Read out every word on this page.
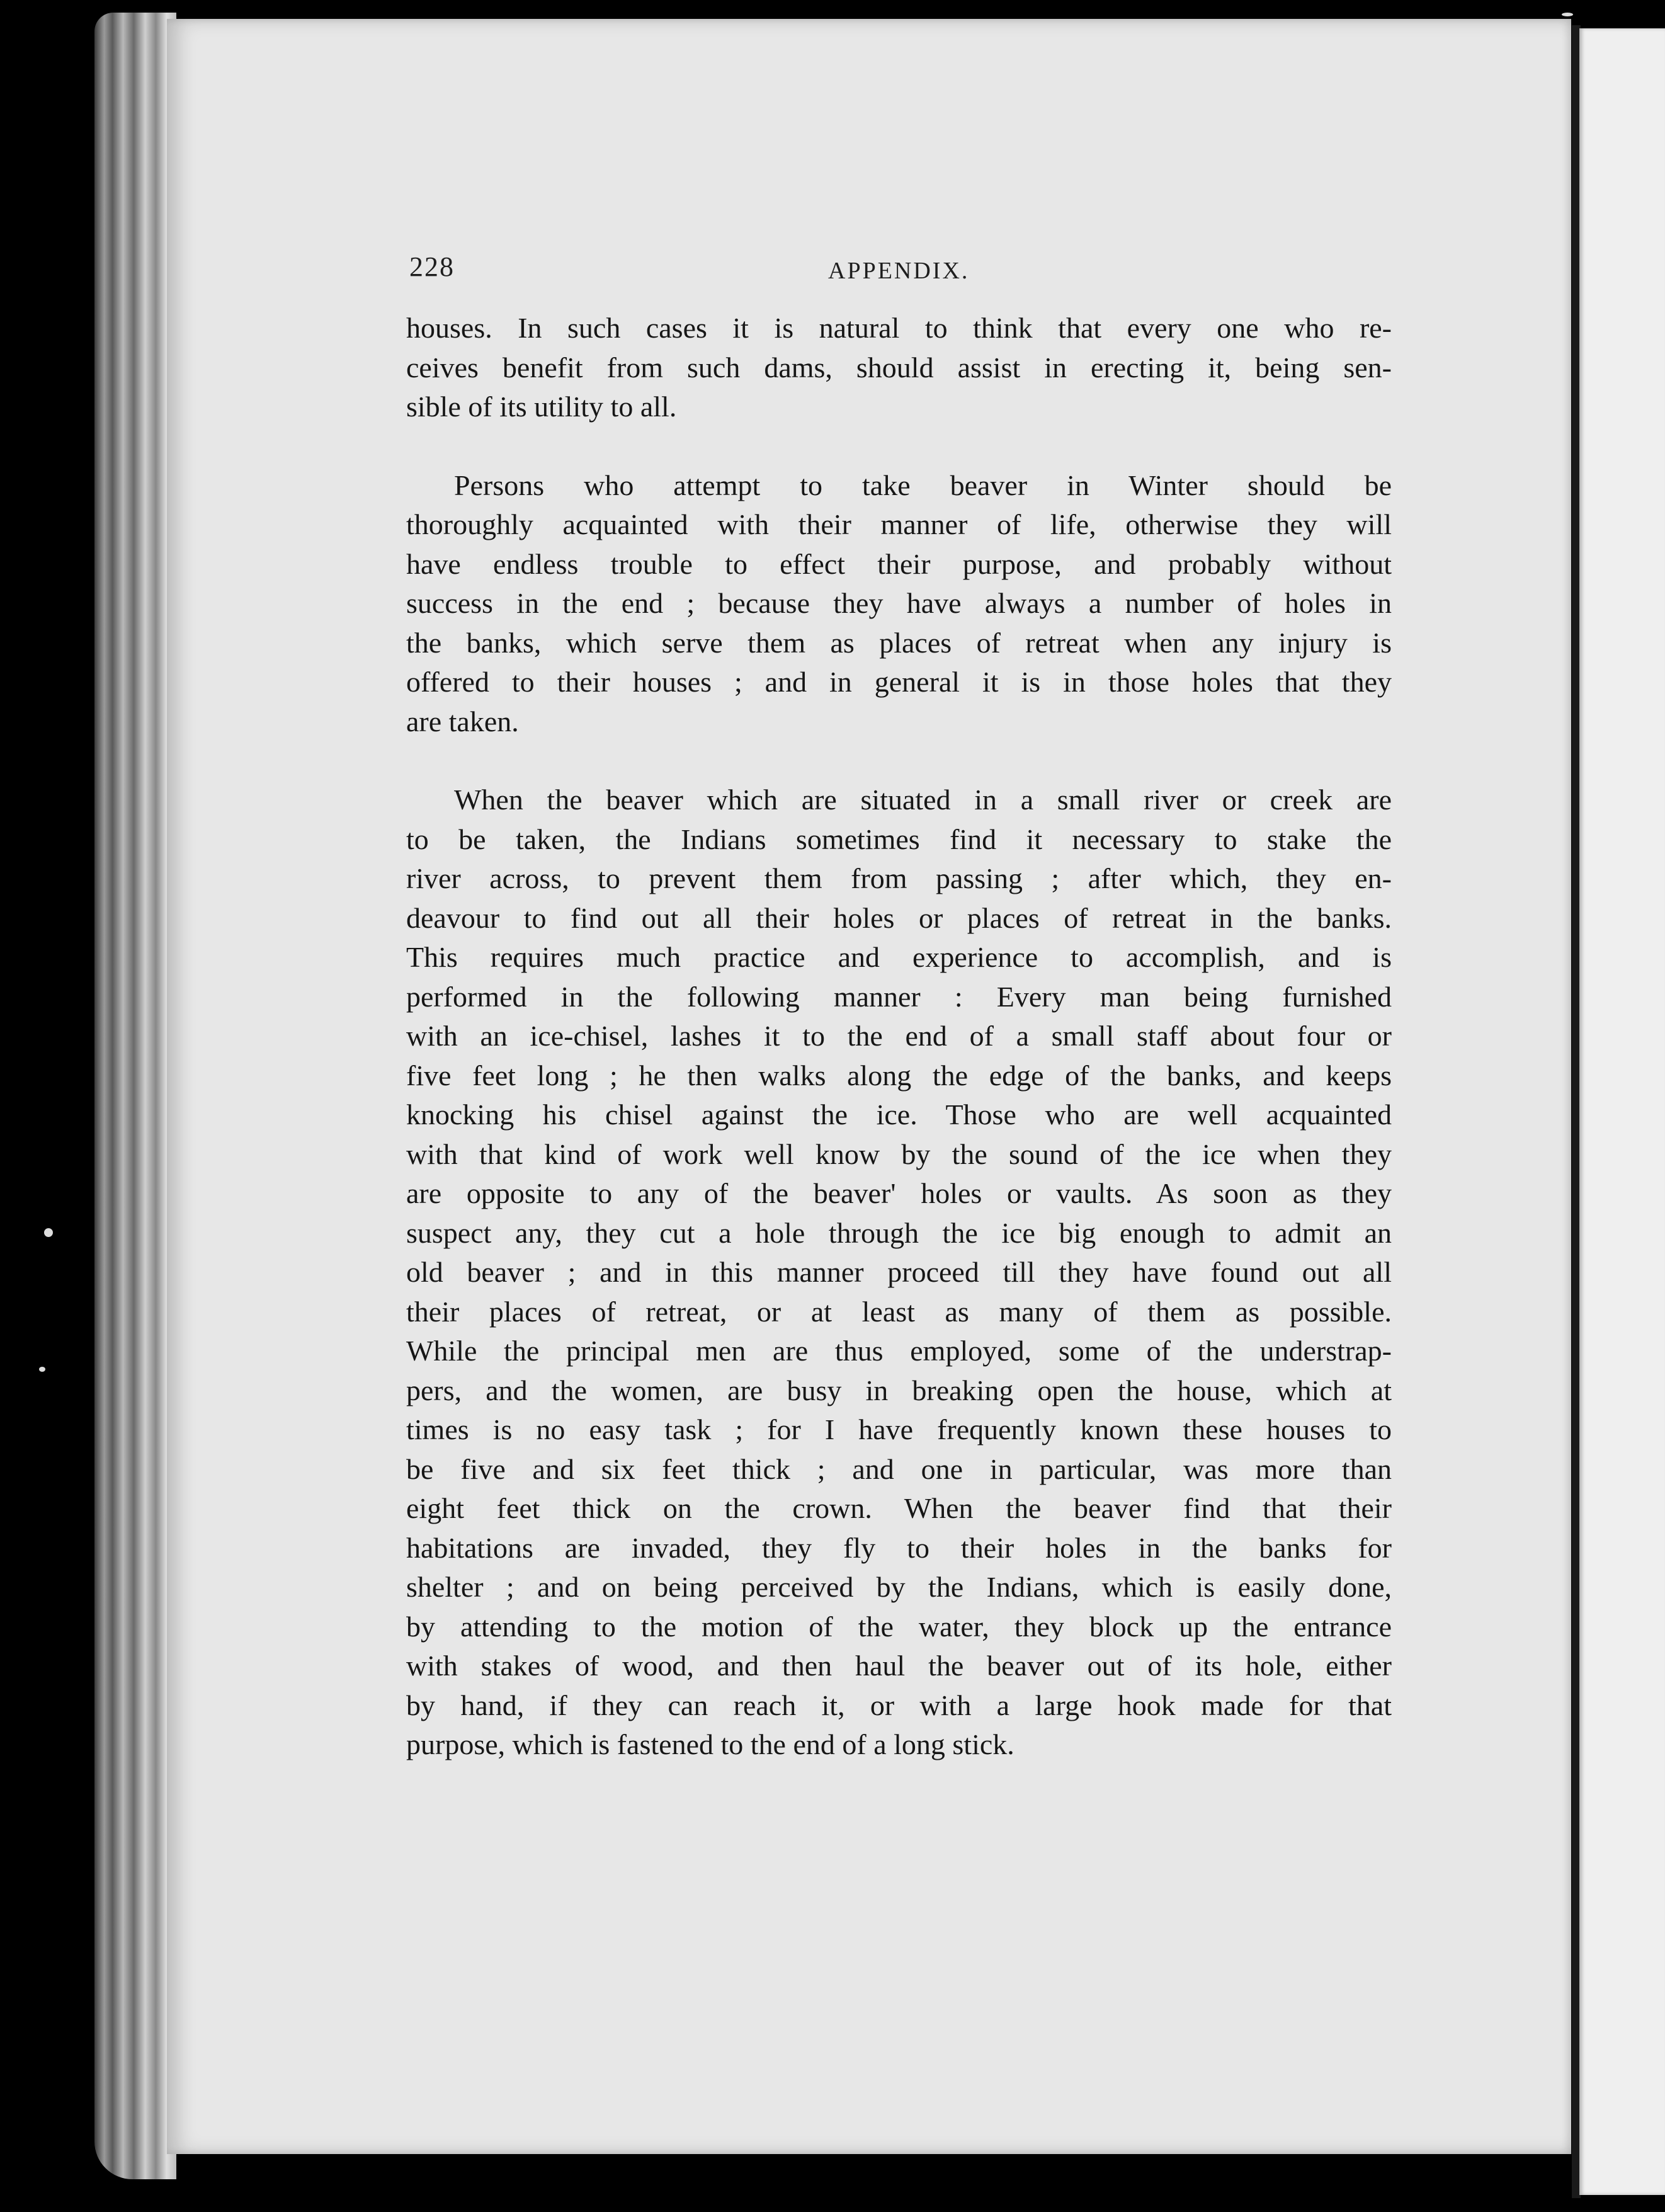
228	APPENDIX.

houses. In such cases it is natural to think that every one who re-
ceives benefit from such dams, should assist in erecting it, being sen-
sible of its utility to all.

Persons who attempt to take beaver in Winter should be
thoroughly acquainted with their manner of life, otherwise they will
have endless trouble to effect their purpose, and probably without
success in the end ; because they have always a number of holes in
the banks, which serve them as places of retreat when any injury is
offered to their houses ; and in general it is in those holes that they
are taken.

When the beaver which are situated in a small river or creek are
to be taken, the Indians sometimes find it necessary to stake the
river across, to prevent them from passing ; after which, they en-
deavour to find out all their holes or places of retreat in the banks.
This requires much practice and experience to accomplish, and is
performed in the following manner : Every man being furnished
with an ice-chisel, lashes it to the end of a small staff about four or
five feet long ; he then walks along the edge of the banks, and keeps
knocking his chisel against the ice. Those who are well acquainted
with that kind of work well know by the sound of the ice when they
are opposite to any of the beaver' holes or vaults. As soon as they
suspect any, they cut a hole through the ice big enough to admit an
old beaver ; and in this manner proceed till they have found out all
their places of retreat, or at least as many of them as possible.
While the principal men are thus employed, some of the understrap-
pers, and the women, are busy in breaking open the house, which at
times is no easy task ; for I have frequently known these houses to
be five and six feet thick ; and one in particular, was more than
eight feet thick on the crown. When the beaver find that their
habitations are invaded, they fly to their holes in the banks for
shelter ; and on being perceived by the Indians, which is easily done,
by attending to the motion of the water, they block up the entrance
with stakes of wood, and then haul the beaver out of its hole, either
by hand, if they can reach it, or with a large hook made for that
purpose, which is fastened to the end of a long stick.
